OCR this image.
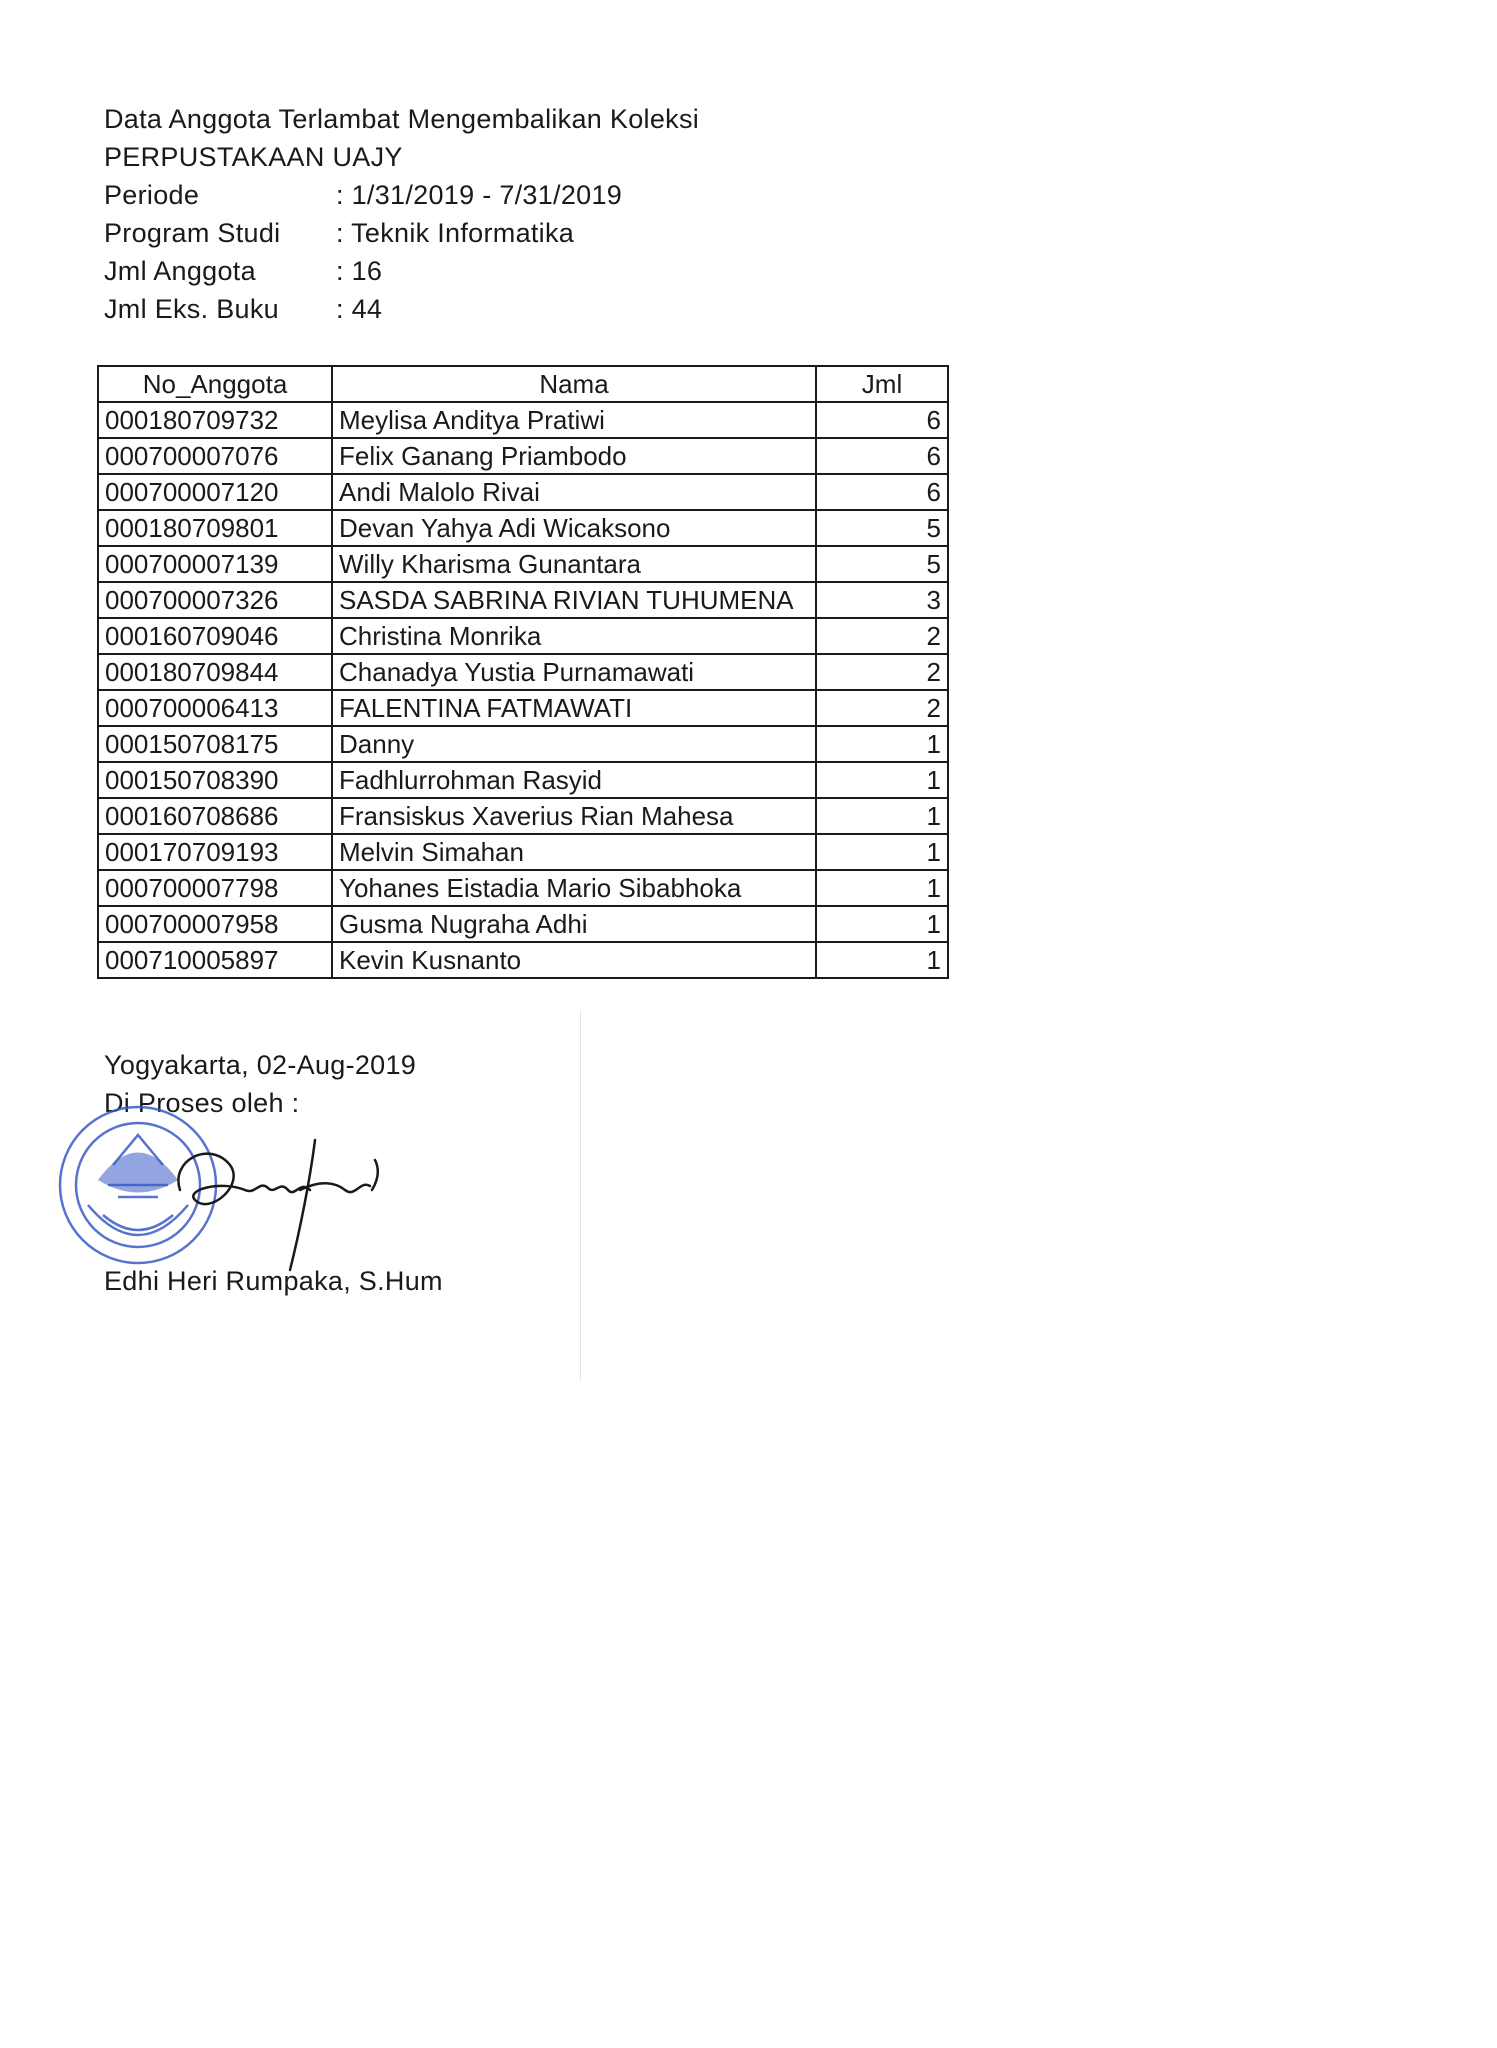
Data Anggota Terlambat Mengembalikan Koleksi
PERPUSTAKAAN UAJY
Periode	: 1/31/2019 - 7/31/2019
Program Studi : Teknik Informatika
Jml Anggota	: 16
Jml Eks. Buku : 44
No_Anggota	Nama	Jml
000180709732	Meylisa Anditya Pratiwi	6
000700007076	Felix Ganang Priambodo	6
000700007120	Andi Malolo Rivai	6
000180709801	Devan Yahya Adi Wicaksono	5
000700007139	Willy Kharisma Gunantara	5
000700007326	SASDA SABRINA RIVIAN TUHUMENA	3
000160709046	Christina Monrika	2
000180709844	Chanadya Yustia Purnamawati	2
000700006413	FALENTINA FATMAWATI	2
000150708175	Danny	1
000150708390	Fadhlurrohman Rasyid	1
000160708686	Fransiskus Xaverius Rian Mahesa	1
000170709193	Melvin Simahan	1
000700007798	Yohanes Eistadia Mario Sibabhoka	1
000700007958	Gusma Nugraha Adhi	1
000710005897	Kevin Kusnanto	1
Yogyakarta, 02-Aug-2019
Di Proses oleh :
Edhi Heri Rumpaka, S.Hum
